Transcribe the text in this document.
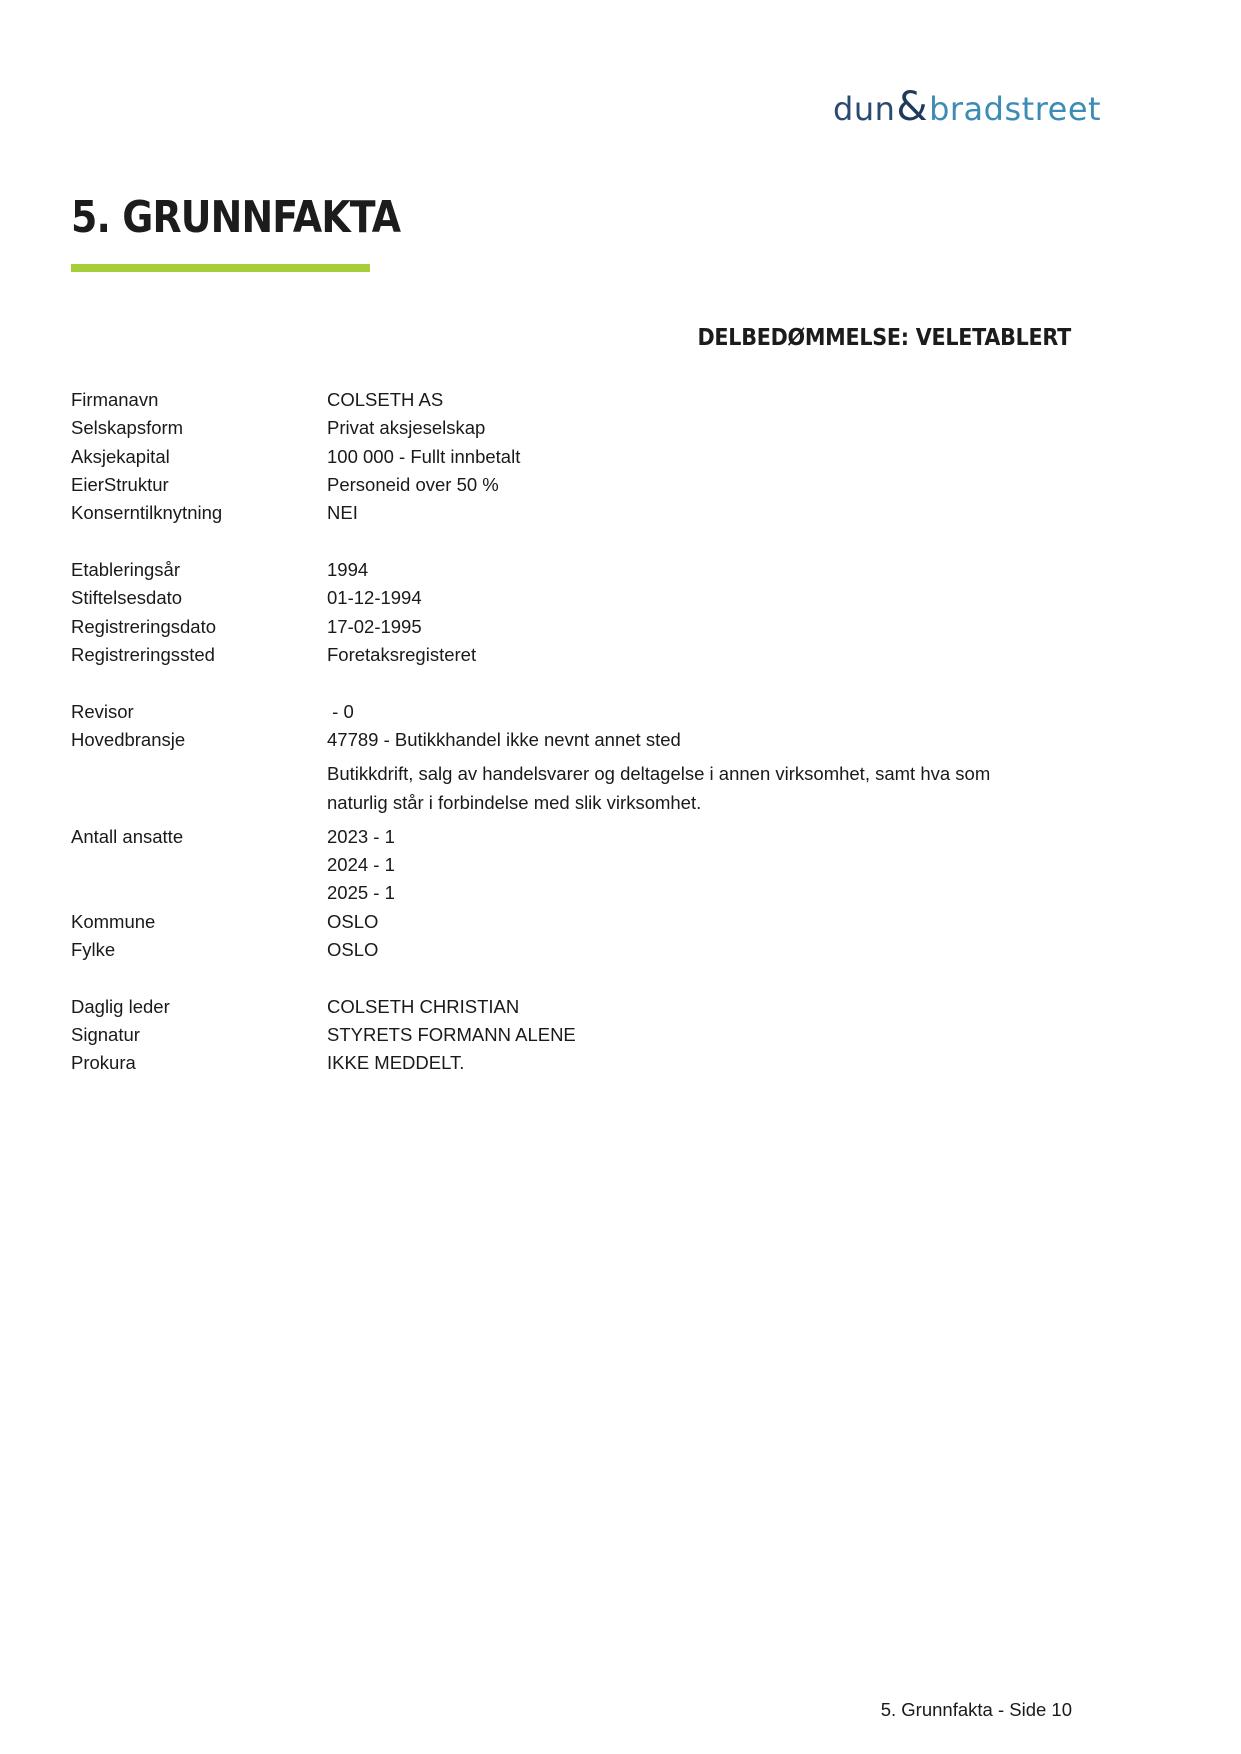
dun & bradstreet
5. GRUNNFAKTA
DELBEDØMMELSE: VELETABLERT
Firmanavn	COLSETH AS
Selskapsform	Privat aksjeselskap
Aksjekapital	100 000 - Fullt innbetalt
EierStruktur	Personeid over 50 %
Konserntilknytning	NEI
Etableringsår	1994
Stiftelsesdato	01-12-1994
Registreringsdato	17-02-1995
Registreringssted	Foretaksregisteret
Revisor	- 0
Hovedbransje	47789 - Butikkhandel ikke nevnt annet sted
Butikkdrift, salg av handelsvarer og deltagelse i annen virksomhet, samt hva som naturlig står i forbindelse med slik virksomhet.
Antall ansatte	2023 - 1
2024 - 1
2025 - 1
Kommune	OSLO
Fylke	OSLO
Daglig leder	COLSETH CHRISTIAN
Signatur	STYRETS FORMANN ALENE
Prokura	IKKE MEDDELT.
5. Grunnfakta - Side 10
